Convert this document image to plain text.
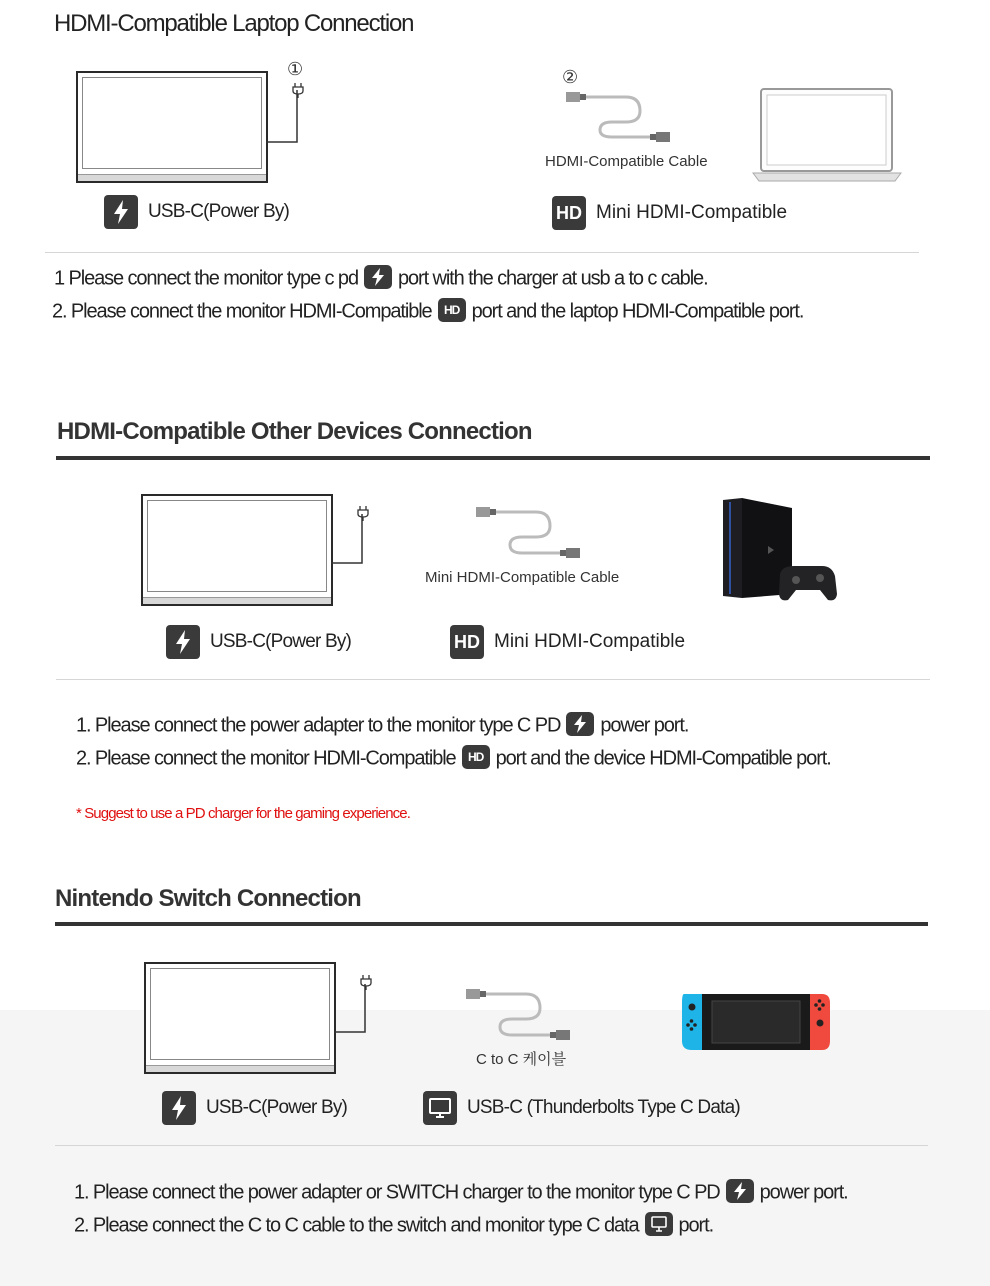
HDMI-Compatible Laptop Connection
①	②
HDMI-Compatible Cable
USB-C(Power By)	HD Mini HDMI-Compatible
1 Please connect the monitor type c pd port with the charger at usb a to c cable.
2. Please connect the monitor HDMI-Compatible HD port and the laptop HDMI-Compatible port.
HDMI-Compatible Other Devices Connection
Mini HDMI-Compatible Cable
USB-C(Power By)	HD Mini HDMI-Compatible
1. Please connect the power adapter to the monitor type C PD power port.
2. Please connect the monitor HDMI-Compatible HD port and the device HDMI-Compatible port.
* Suggest to use a PD charger for the gaming experience.
Nintendo Switch Connection
C to C 케이블
USB-C(Power By)	USB-C (Thunderbolts Type C Data)
1. Please connect the power adapter or SWITCH charger to the monitor type C PD power port.
2. Please connect the C to C cable to the switch and monitor type C data port.
